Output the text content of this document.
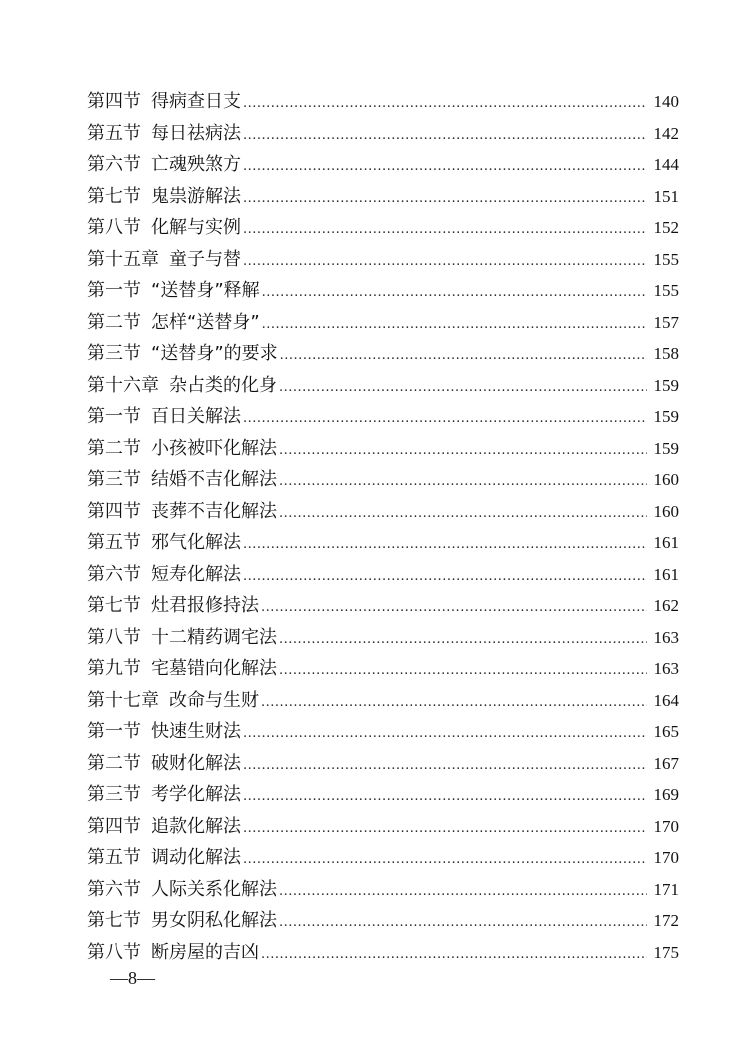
第四节 得病查日支 .....	140
第五节 每日祛病法 .....	142
第六节 亡魂殃煞方 .....	144
第七节 鬼祟游解法 .....	151
第八节 化解与实例 .....	152
第十五章 童子与替 .....	155
第一节 “送替身”释解 .....	155
第二节 怎样“送替身” .....	157
第三节 “送替身”的要求 .....	158
第十六章 杂占类的化身 .....	159
第一节 百日关解法 .....	159
第二节 小孩被吓化解法 .....	159
第三节 结婚不吉化解法 .....	160
第四节 丧葬不吉化解法 .....	160
第五节 邪气化解法 .....	161
第六节 短寿化解法 .....	161
第七节 灶君报修持法 .....	162
第八节 十二精药调宅法 .....	163
第九节 宅墓错向化解法 .....	163
第十七章 改命与生财 .....	164
第一节 快速生财法 .....	165
第二节 破财化解法 .....	167
第三节 考学化解法 .....	169
第四节 追款化解法 .....	170
第五节 调动化解法 .....	170
第六节 人际关系化解法 .....	171
第七节 男女阴私化解法 .....	172
第八节 断房屋的吉凶 .....	175
—8—
